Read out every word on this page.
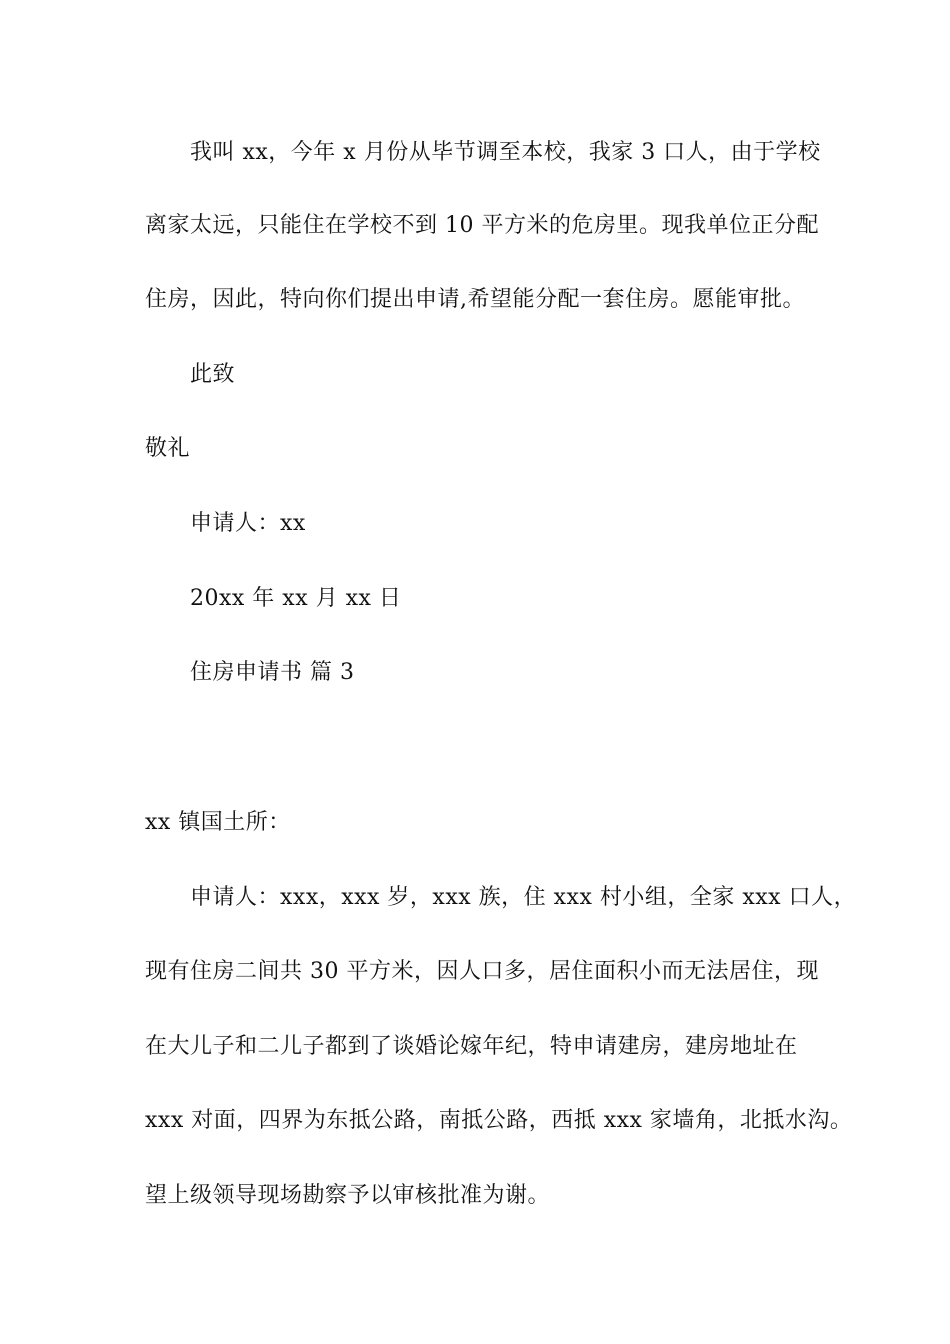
我叫 xx，今年 x 月份从毕节调至本校，我家 3 口人，由于学校
离家太远，只能住在学校不到 10 平方米的危房里。现我单位正分配
住房，因此，特向你们提出申请,希望能分配一套住房。愿能审批。
此致
敬礼
申请人：xx
20xx 年 xx 月 xx 日
住房申请书 篇 3
xx 镇国土所：
申请人：xxx，xxx 岁，xxx 族，住 xxx 村小组，全家 xxx 口人，
现有住房二间共 30 平方米，因人口多，居住面积小而无法居住，现
在大儿子和二儿子都到了谈婚论嫁年纪，特申请建房，建房地址在
xxx 对面，四界为东抵公路，南抵公路，西抵 xxx 家墙角，北抵水沟。
望上级领导现场勘察予以审核批准为谢。
